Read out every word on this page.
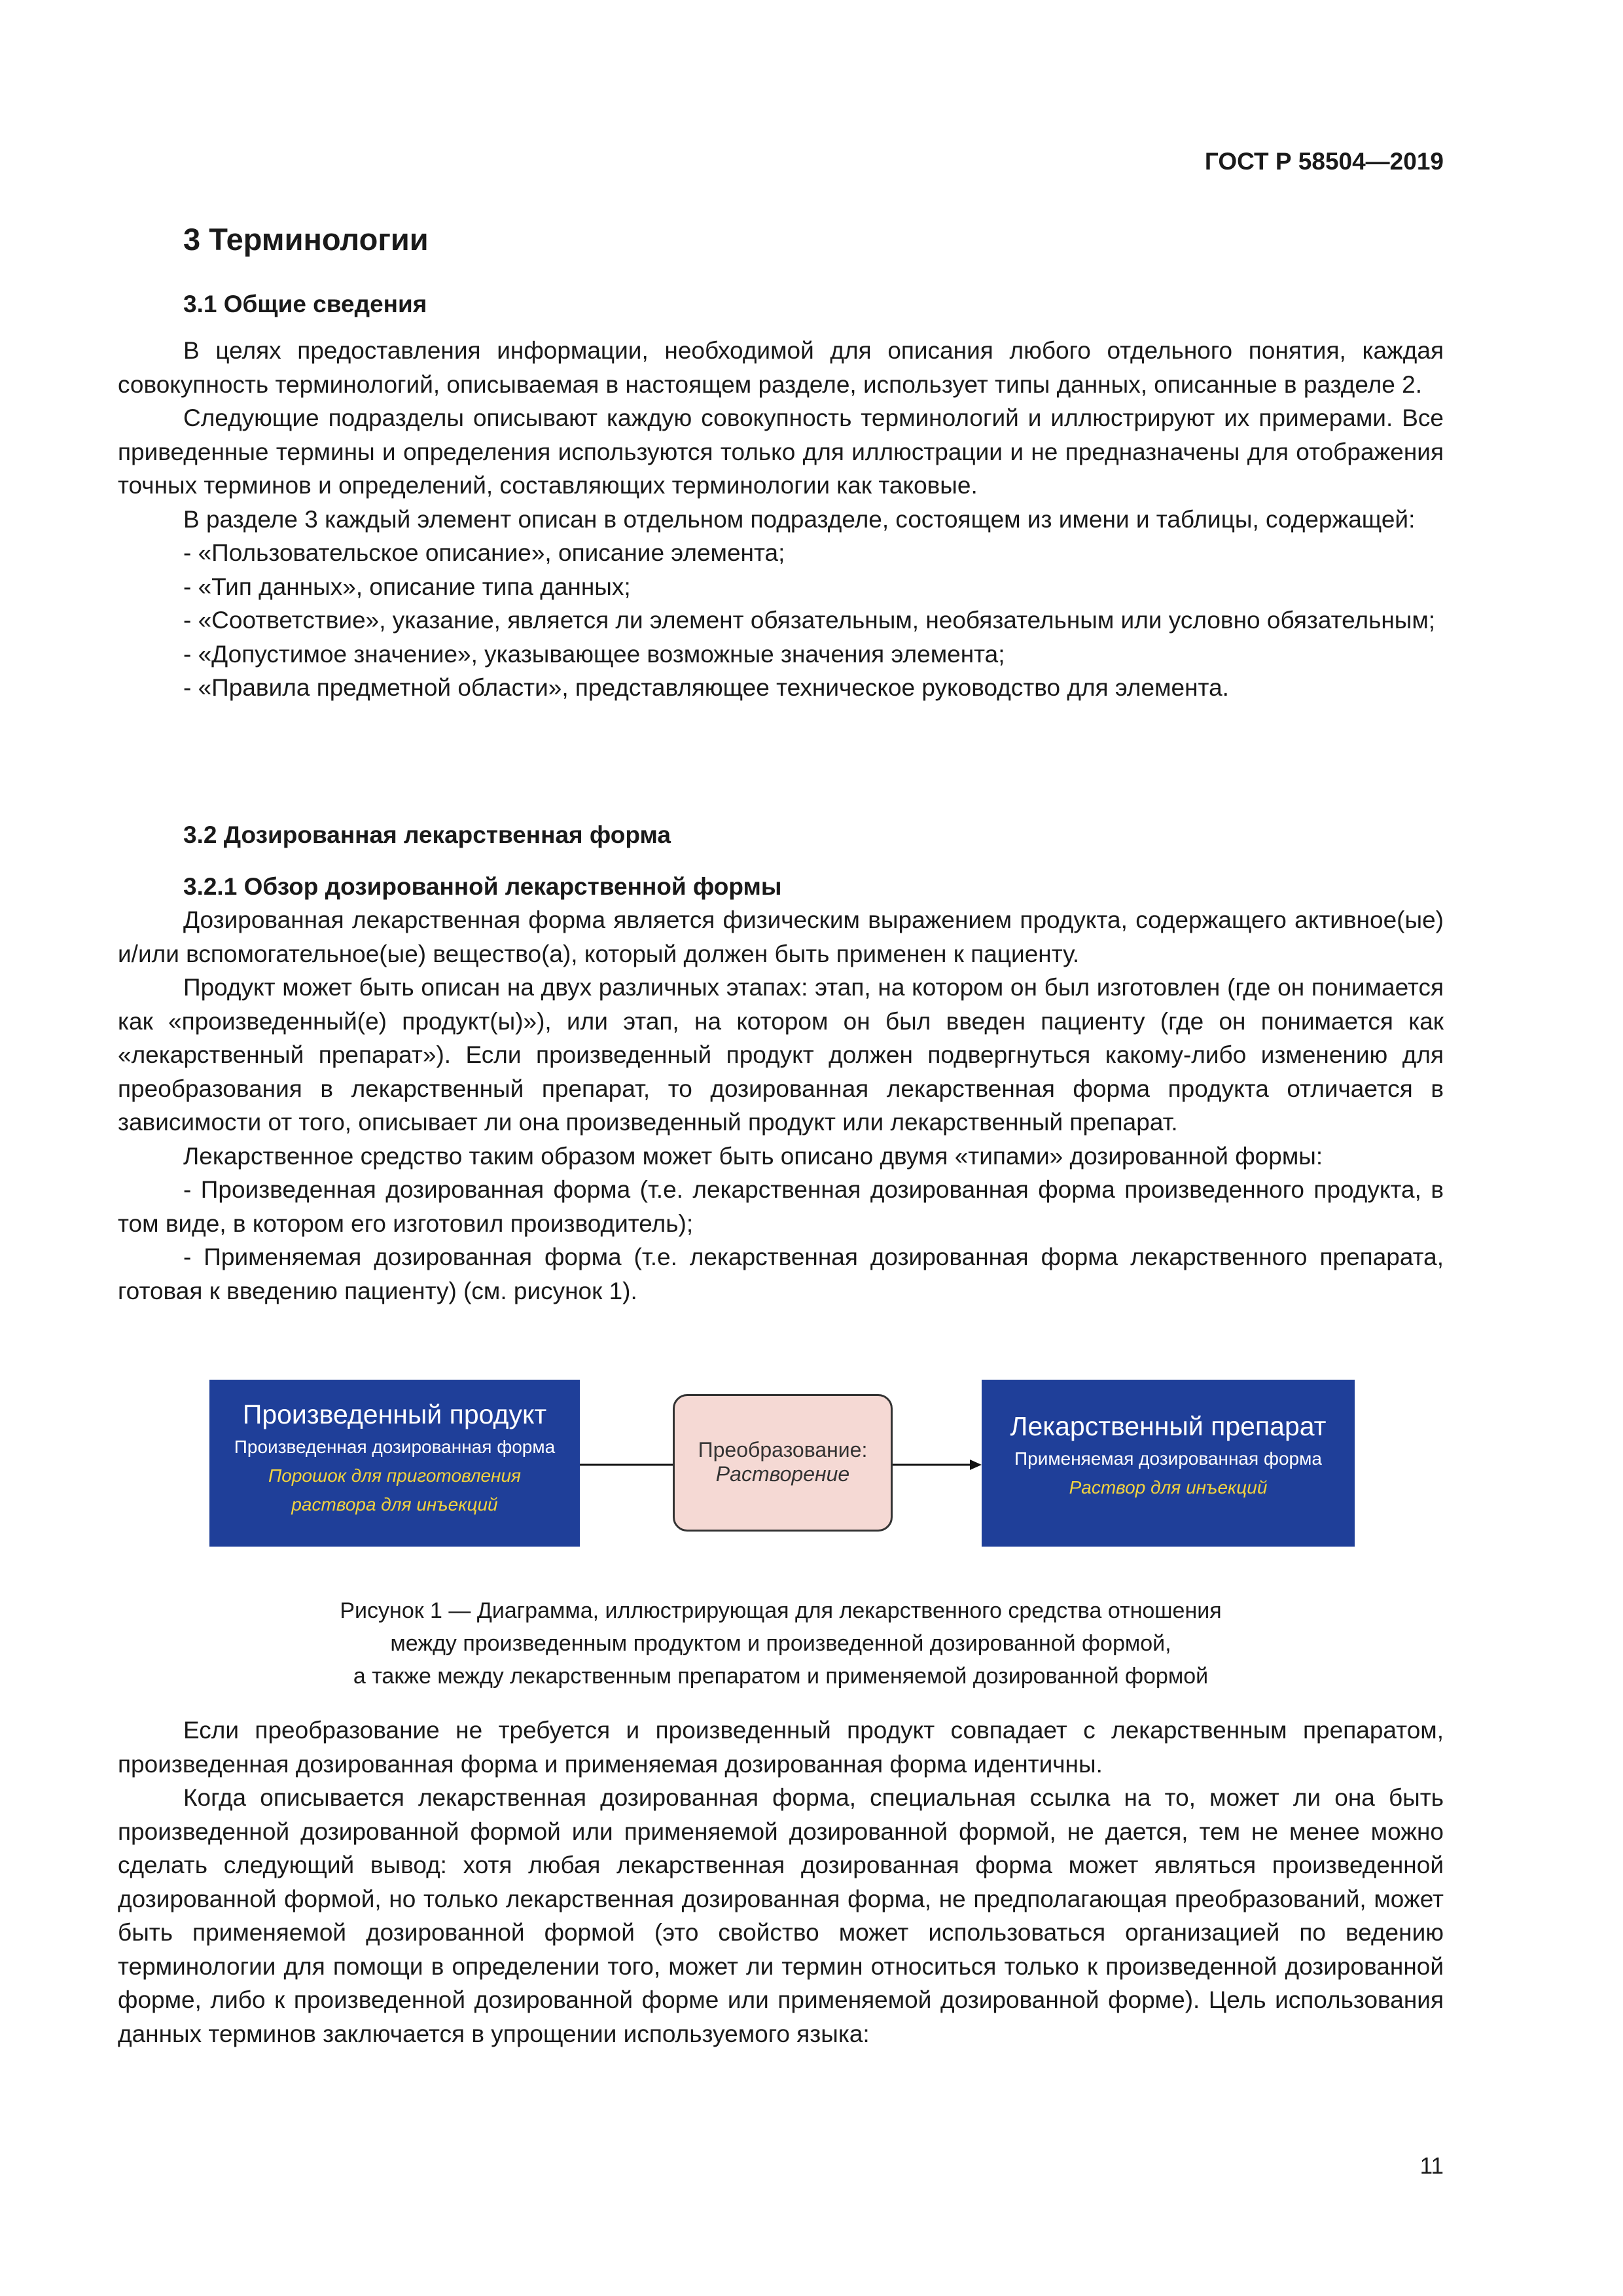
ГОСТ Р 58504—2019
3 Терминологии
3.1 Общие сведения

В целях предоставления информации, необходимой для описания любого отдельного понятия, каждая совокупность терминологий, описываемая в настоящем разделе, использует типы данных, описанные в разделе 2.

Следующие подразделы описывают каждую совокупность терминологий и иллюстрируют их примерами. Все приведенные термины и определения используются только для иллюстрации и не предназначены для отображения точных терминов и определений, составляющих терминологии как таковые.

В разделе 3 каждый элемент описан в отдельном подразделе, состоящем из имени и таблицы, содержащей:

- «Пользовательское описание», описание элемента;

- «Тип данных», описание типа данных;

- «Соответствие», указание, является ли элемент обязательным, необязательным или условно обязательным;

- «Допустимое значение», указывающее возможные значения элемента;

- «Правила предметной области», представляющее техническое руководство для элемента.

3.2 Дозированная лекарственная форма
3.2.1 Обзор дозированной лекарственной формы

Дозированная лекарственная форма является физическим выражением продукта, содержащего активное(ые) и/или вспомогательное(ые) вещество(а), который должен быть применен к пациенту.

Продукт может быть описан на двух различных этапах: этап, на котором он был изготовлен (где он понимается как «произведенный(е) продукт(ы)»), или этап, на котором он был введен пациенту (где он понимается как «лекарственный препарат»). Если произведенный продукт должен подвергнуться какому-либо изменению для преобразования в лекарственный препарат, то дозированная лекарственная форма продукта отличается в зависимости от того, описывает ли она произведенный продукт или лекарственный препарат.

Лекарственное средство таким образом может быть описано двумя «типами» дозированной формы:

- Произведенная дозированная форма (т.е. лекарственная дозированная форма произведенного продукта, в том виде, в котором его изготовил производитель);

- Применяемая дозированная форма (т.е. лекарственная дозированная форма лекарственного препарата, готовая к введению пациенту) (см. рисунок 1).

Произведенный продукт
Произведенная дозированная форма
Порошок для приготовления
раствора для инъекций
Преобразование:
Растворение
Лекарственный препарат
Применяемая дозированная форма
Раствор для инъекций
Рисунок 1 — Диаграмма, иллюстрирующая для лекарственного средства отношения
между произведенным продуктом и произведенной дозированной формой,
а также между лекарственным препаратом и применяемой дозированной формой

Если преобразование не требуется и произведенный продукт совпадает с лекарственным препаратом, произведенная дозированная форма и применяемая дозированная форма идентичны.

Когда описывается лекарственная дозированная форма, специальная ссылка на то, может ли она быть произведенной дозированной формой или применяемой дозированной формой, не дается, тем не менее можно сделать следующий вывод: хотя любая лекарственная дозированная форма может являться произведенной дозированной формой, но только лекарственная дозированная форма, не предполагающая преобразований, может быть применяемой дозированной формой (это свойство может использоваться организацией по ведению терминологии для помощи в определении того, может ли термин относиться только к произведенной дозированной форме, либо к произведенной дозированной форме или применяемой дозированной форме). Цель использования данных терминов заключается в упрощении используемого языка:

11
